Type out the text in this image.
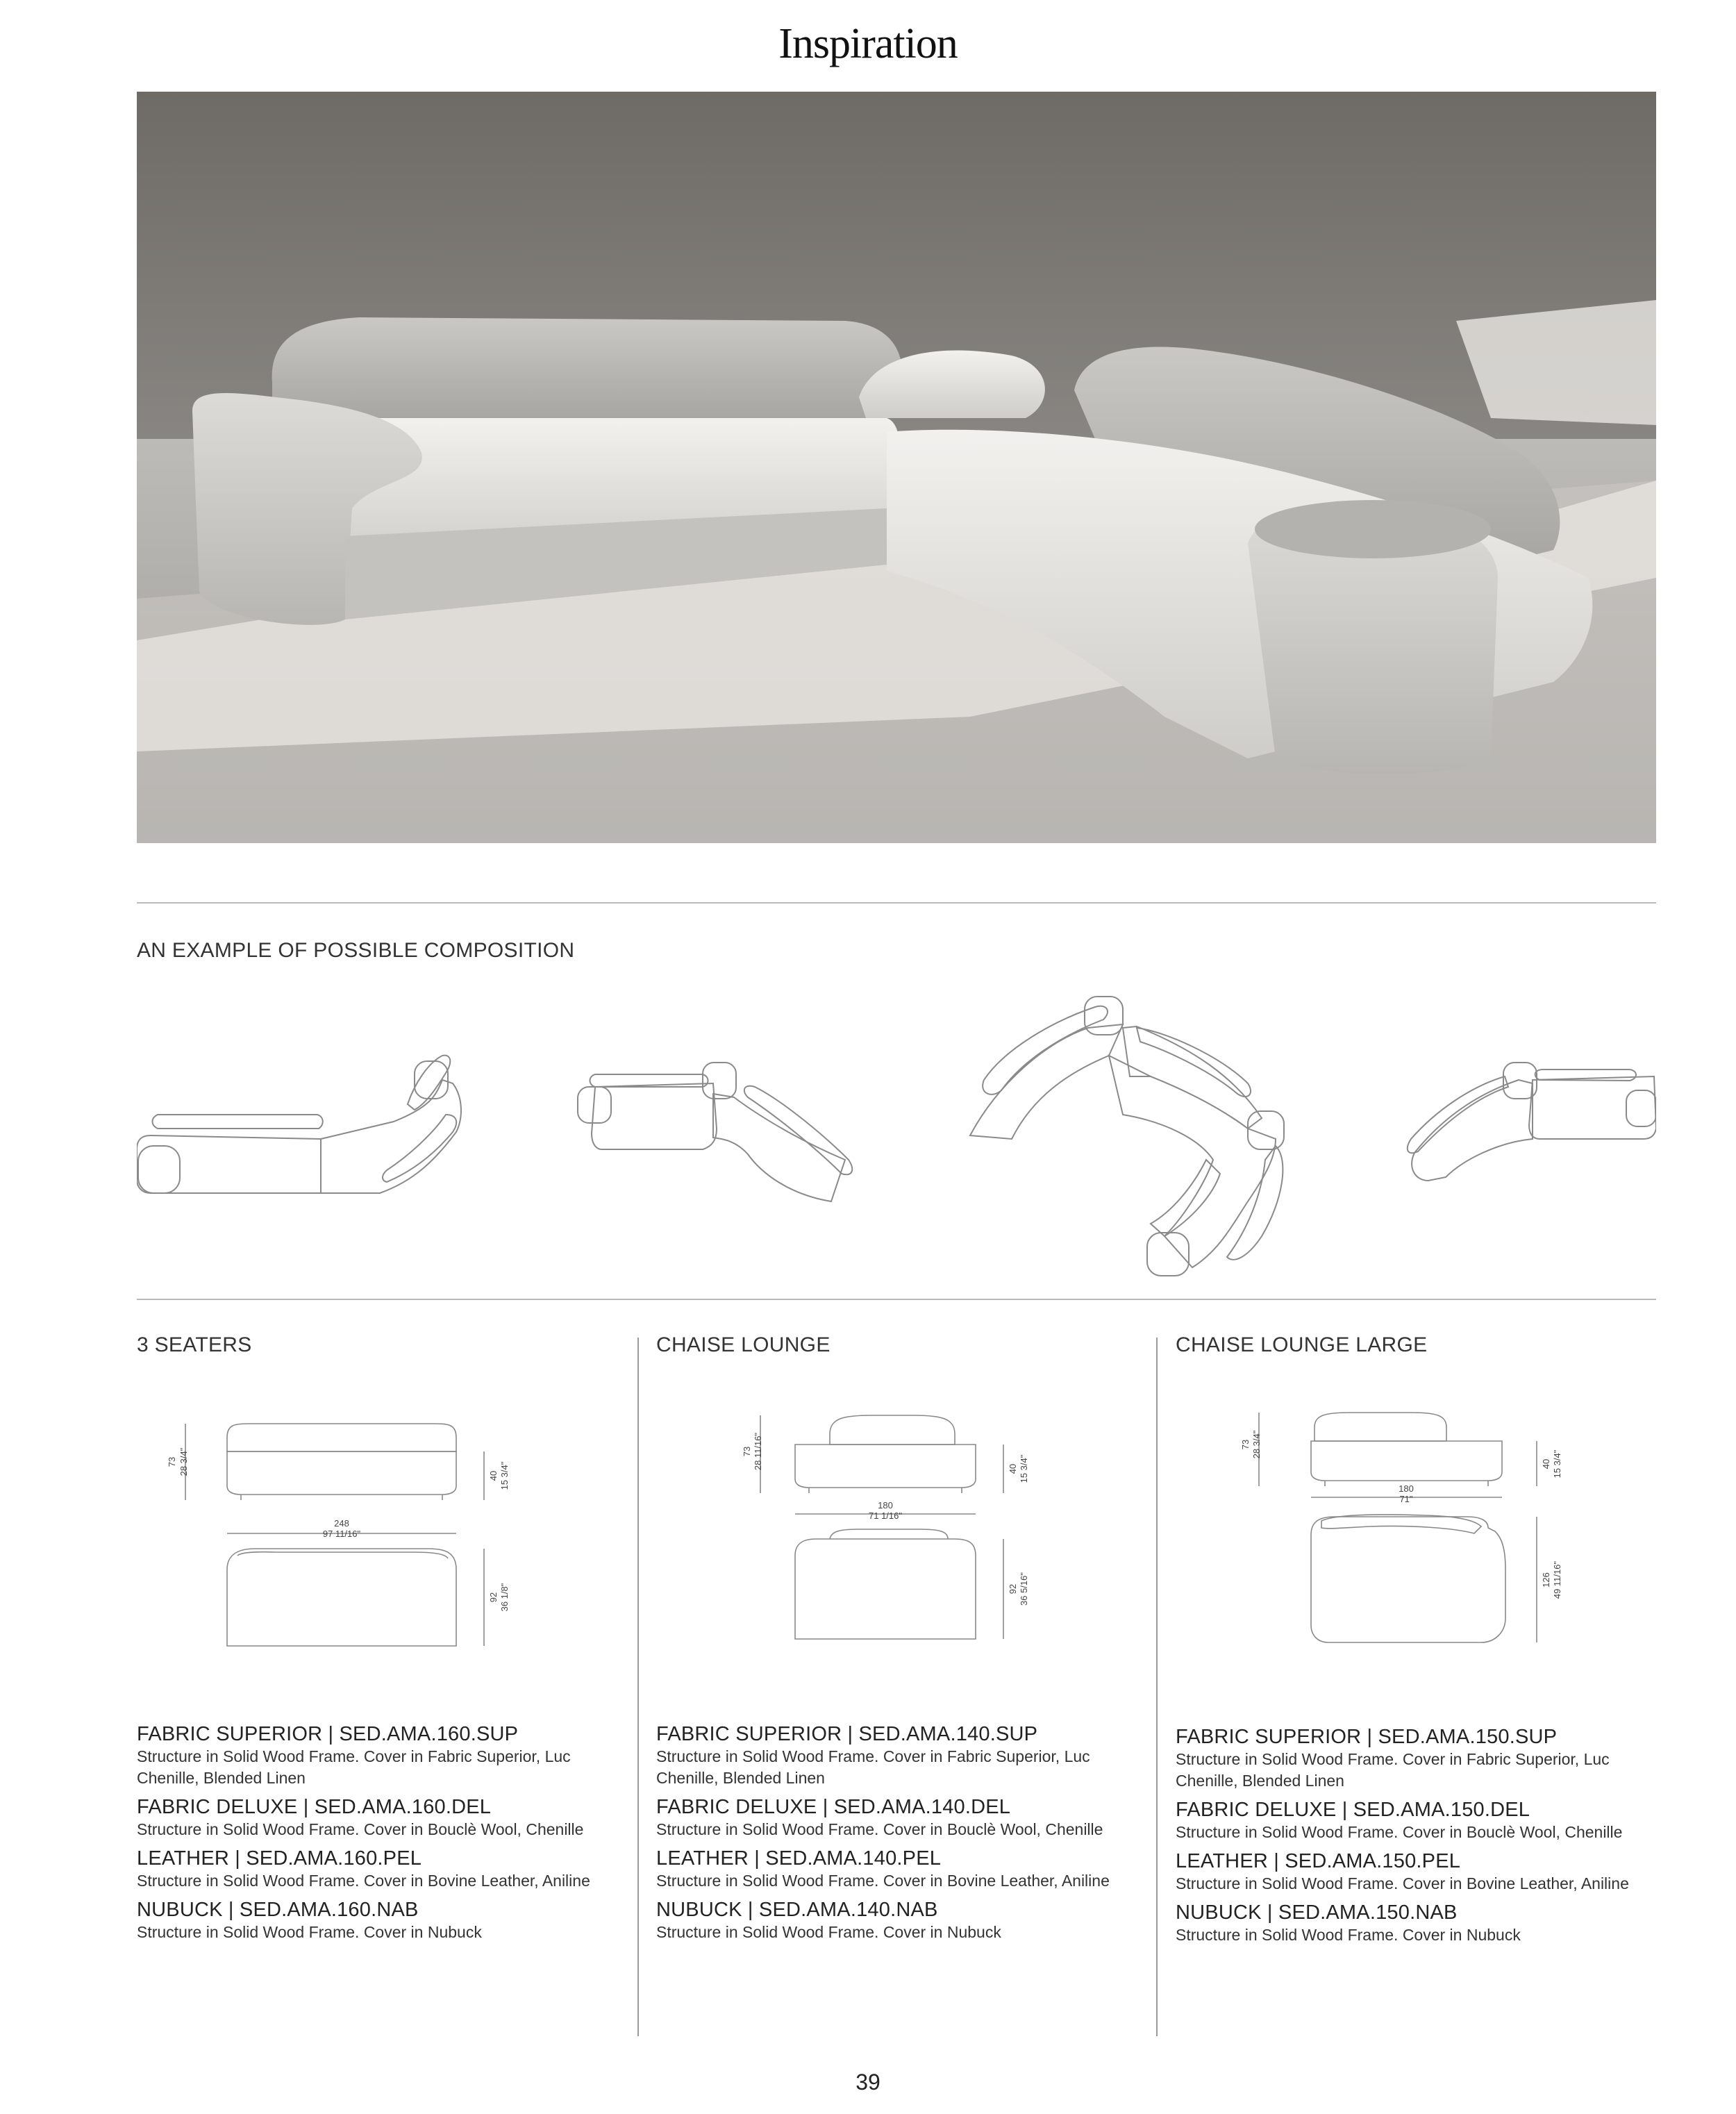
Inspiration
AN EXAMPLE OF POSSIBLE COMPOSITION
3 SEATERS
73 28 3/4"	40 15 3/4"
248
97 11/16"
92 36 1/8"
FABRIC SUPERIOR | SED.AMA.160.SUP
Structure in Solid Wood Frame. Cover in Fabric Superior, Luc Chenille, Blended Linen
FABRIC DELUXE | SED.AMA.160.DEL
Structure in Solid Wood Frame. Cover in Bouclè Wool, Chenille
LEATHER | SED.AMA.160.PEL
Structure in Solid Wood Frame. Cover in Bovine Leather, Aniline
NUBUCK | SED.AMA.160.NAB
Structure in Solid Wood Frame. Cover in Nubuck
CHAISE LOUNGE
73 28 11/16"	40 15 3/4"
180
71 1/16"
92 36 5/16"
FABRIC SUPERIOR | SED.AMA.140.SUP
Structure in Solid Wood Frame. Cover in Fabric Superior, Luc Chenille, Blended Linen
FABRIC DELUXE | SED.AMA.140.DEL
Structure in Solid Wood Frame. Cover in Bouclè Wool, Chenille
LEATHER | SED.AMA.140.PEL
Structure in Solid Wood Frame. Cover in Bovine Leather, Aniline
NUBUCK | SED.AMA.140.NAB
Structure in Solid Wood Frame. Cover in Nubuck
CHAISE LOUNGE LARGE
73 28 3/4"
40 15 3/4"
180
71"
126 49 11/16"
FABRIC SUPERIOR | SED.AMA.150.SUP
Structure in Solid Wood Frame. Cover in Fabric Superior, Luc Chenille, Blended Linen
FABRIC DELUXE | SED.AMA.150.DEL
Structure in Solid Wood Frame. Cover in Bouclè Wool, Chenille
LEATHER | SED.AMA.150.PEL
Structure in Solid Wood Frame. Cover in Bovine Leather, Aniline
NUBUCK | SED.AMA.150.NAB
Structure in Solid Wood Frame. Cover in Nubuck
39
